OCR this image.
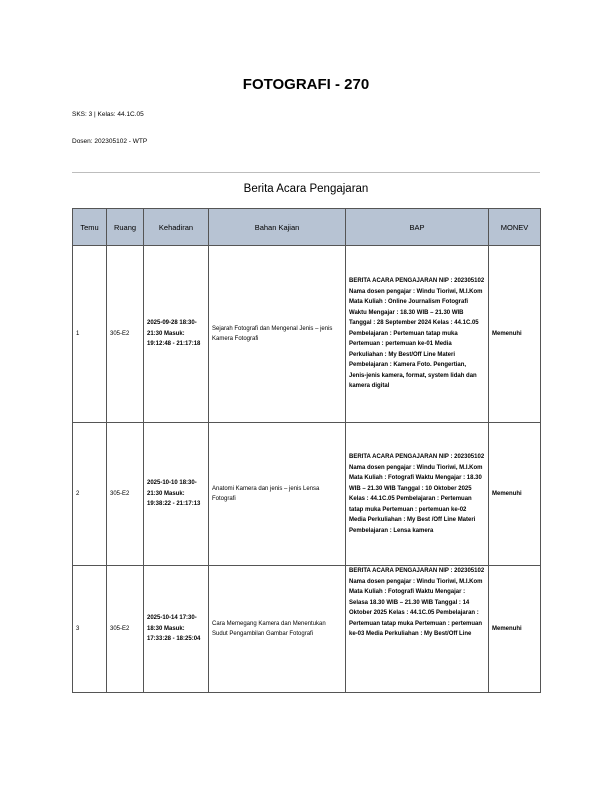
FOTOGRAFI - 270
SKS: 3 | Kelas: 44.1C.05
Dosen: 202305102 - WTP
Berita Acara Pengajaran
Temu	Ruang	Kehadiran	Bahan Kajian	BAP	MONEV
1	305-E2	2025-09-28 18:30-21:30 Masuk: 19:12:48 - 21:17:18	Sejarah Fotografi dan Mengenal Jenis – jenis Kamera Fotografi	BERITA ACARA PENGAJARAN NIP : 202305102 Nama dosen pengajar : Windu Tioriwi, M.I.Kom Mata Kuliah : Online Journalism Fotografi Waktu Mengajar : 18.30 WIB – 21.30 WIB Tanggal : 28 September 2024 Kelas : 44.1C.05 Pembelajaran : Pertemuan tatap muka Pertemuan : pertemuan ke-01 Media Perkuliahan : My Best/Off Line Materi Pembelajaran : Kamera Foto. Pengertian, Jenis-jenis kamera, format, system lidah dan kamera digital	Memenuhi
2	305-E2	2025-10-10 18:30-21:30 Masuk: 19:38:22 - 21:17:13	Anatomi Kamera dan jenis – jenis Lensa Fotografi	BERITA ACARA PENGAJARAN NIP : 202305102 Nama dosen pengajar : Windu Tioriwi, M.I.Kom Mata Kuliah : Fotografi Waktu Mengajar : 18.30 WIB – 21.30 WIB Tanggal : 10 Oktober 2025 Kelas : 44.1C.05 Pembelajaran : Pertemuan tatap muka Pertemuan : pertemuan ke-02 Media Perkuliahan : My Best /Off Line Materi Pembelajaran : Lensa kamera	Memenuhi
3	305-E2	2025-10-14 17:30-18:30 Masuk: 17:33:28 - 18:25:04	Cara Memegang Kamera dan Menentukan Sudut Pengambilan Gambar Fotografi	BERITA ACARA PENGAJARAN NIP : 202305102 Nama dosen pengajar : Windu Tioriwi, M.I.Kom Mata Kuliah : Fotografi Waktu Mengajar : Selasa 18.30 WIB – 21.30 WIB Tanggal : 14 Oktober 2025 Kelas : 44.1C.05 Pembelajaran : Pertemuan tatap muka Pertemuan : pertemuan ke-03 Media Perkuliahan : My Best/Off Line	Memenuhi
